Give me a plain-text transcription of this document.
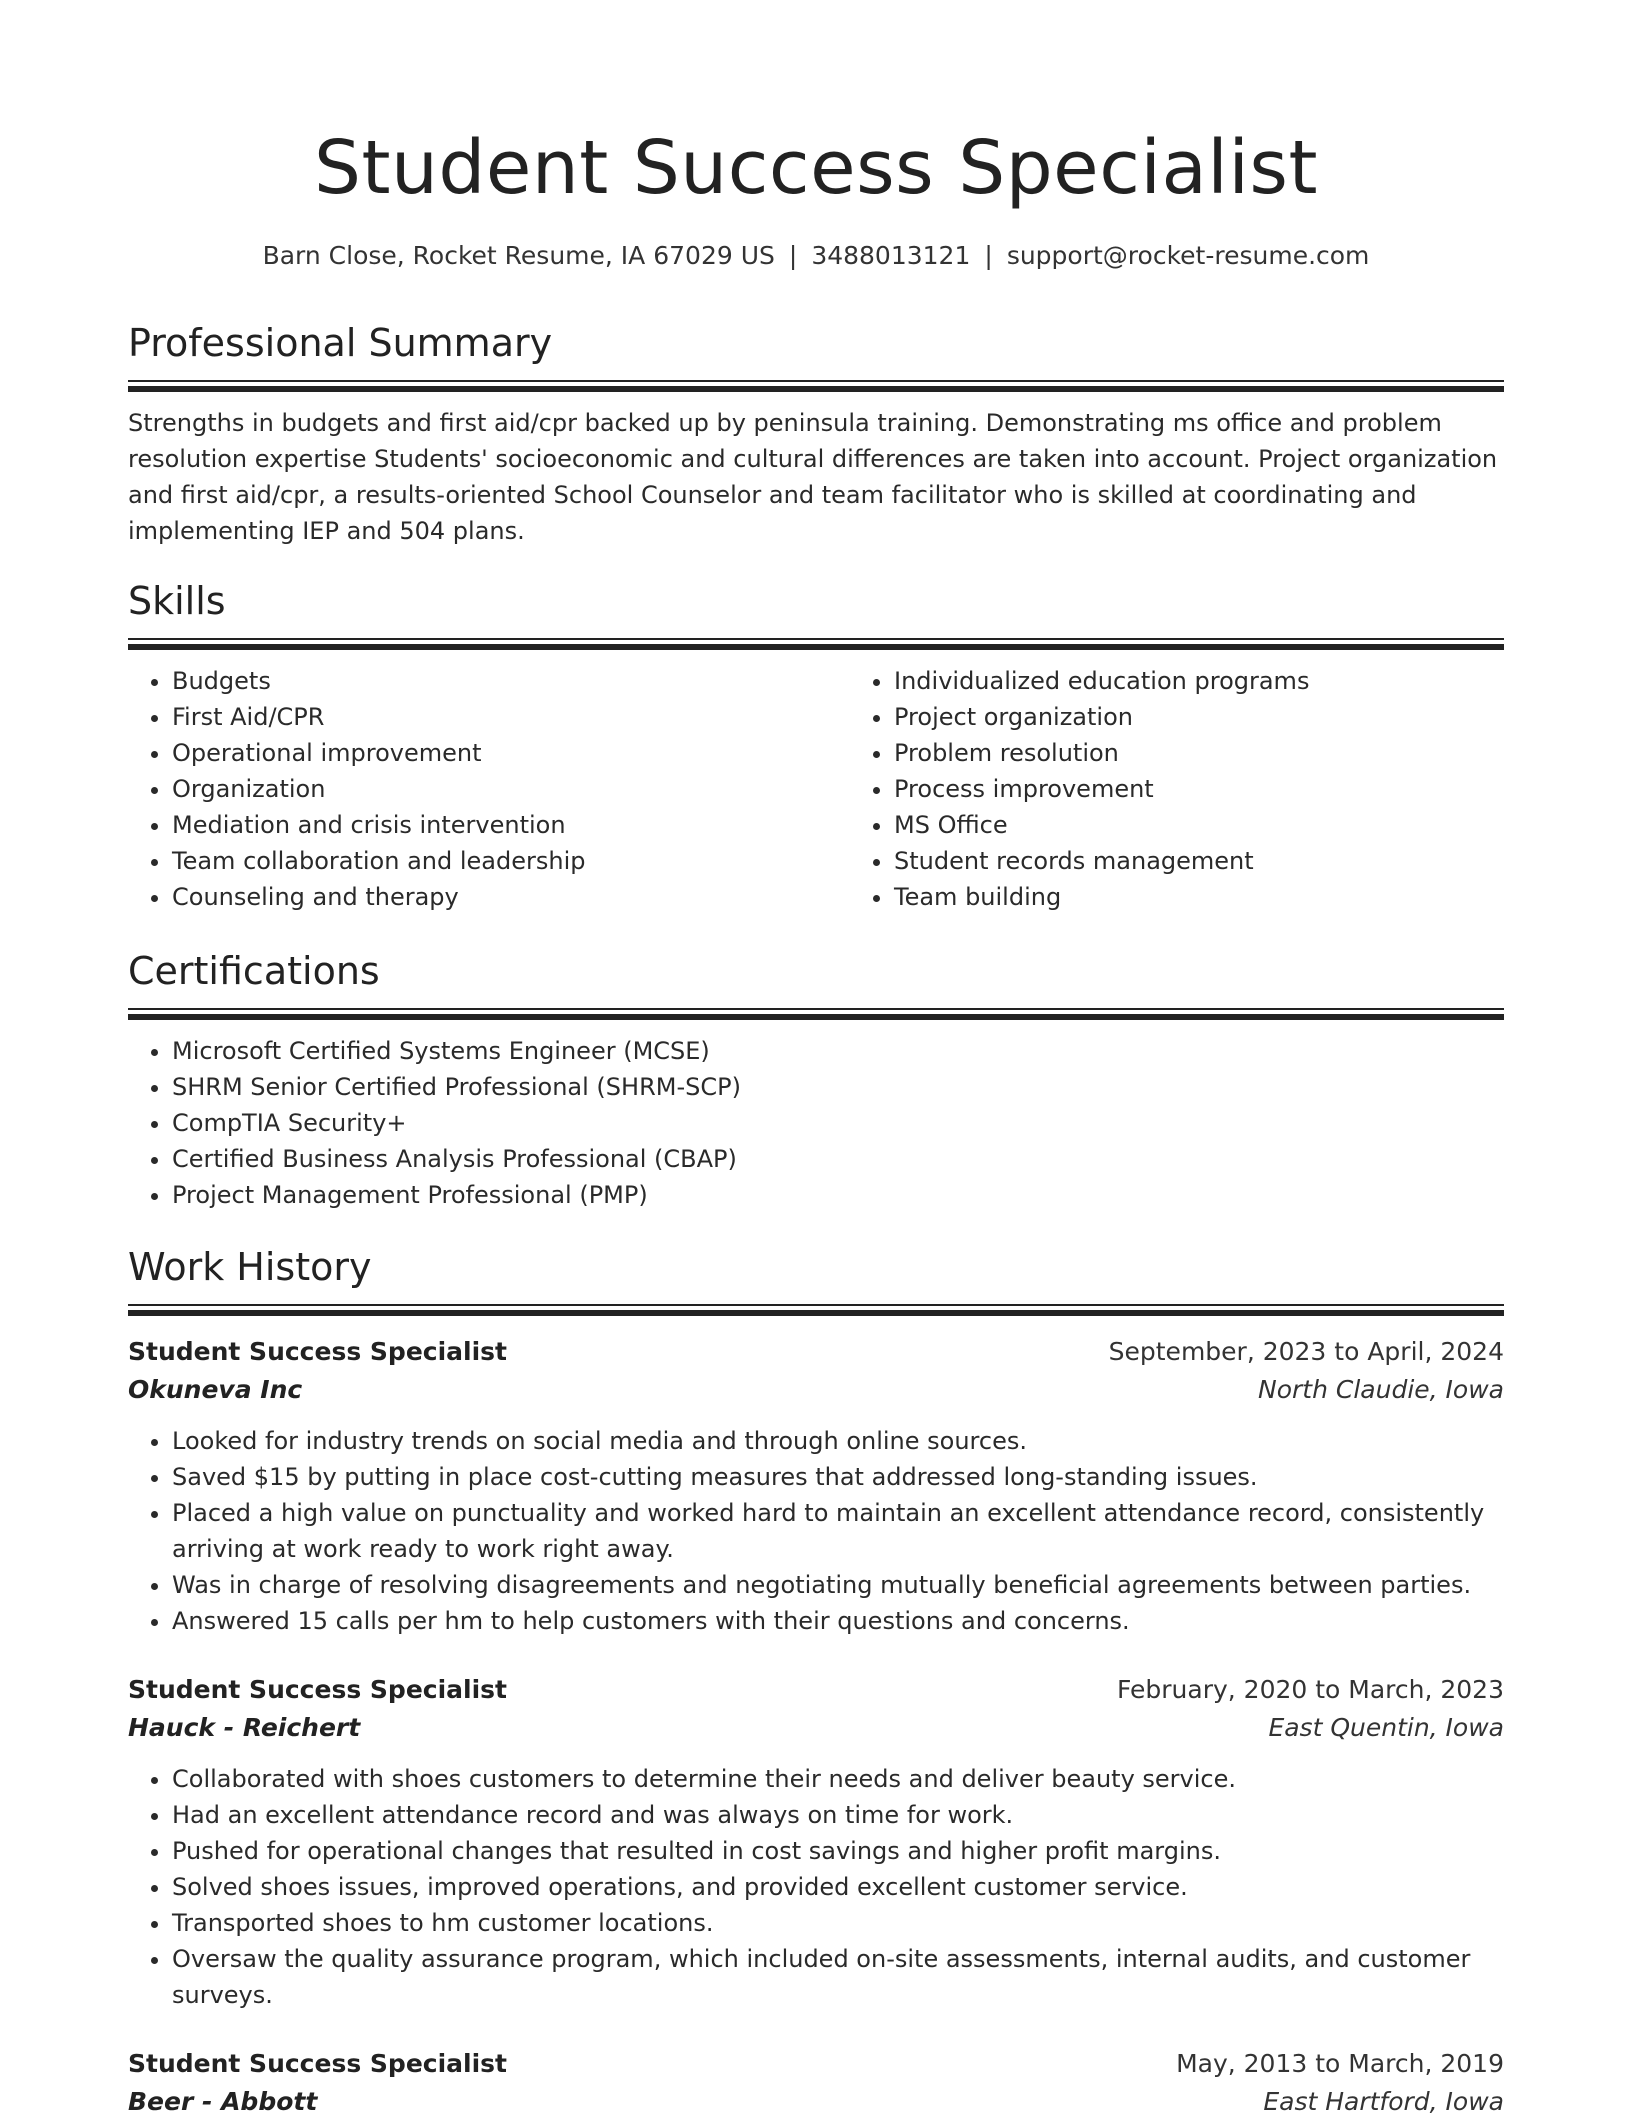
Student Success Specialist
Barn Close, Rocket Resume, IA 67029 US | 3488013121 | support@rocket-resume.com
Professional Summary

Strengths in budgets and first aid/cpr backed up by peninsula training. Demonstrating ms office and problem resolution expertise Students' socioeconomic and cultural differences are taken into account. Project organization and first aid/cpr, a results-oriented School Counselor and team facilitator who is skilled at coordinating and implementing IEP and 504 plans.

Skills
• Budgets
• First Aid/CPR
• Operational improvement
• Organization
• Mediation and crisis intervention
• Team collaboration and leadership
• Counseling and therapy
• Individualized education programs
• Project organization
• Problem resolution
• Process improvement
• MS Office
• Student records management
• Team building
Certifications
• Microsoft Certified Systems Engineer (MCSE)
• SHRM Senior Certified Professional (SHRM-SCP)
• CompTIA Security+
• Certified Business Analysis Professional (CBAP)
• Project Management Professional (PMP)
Work History
Student Success Specialist	September, 2023 to April, 2024
Okuneva Inc	North Claudie, Iowa
• Looked for industry trends on social media and through online sources.
• Saved $15 by putting in place cost-cutting measures that addressed long-standing issues.
• Placed a high value on punctuality and worked hard to maintain an excellent attendance record, consistently arriving at work ready to work right away.
• Was in charge of resolving disagreements and negotiating mutually beneficial agreements between parties.
• Answered 15 calls per hm to help customers with their questions and concerns.
Student Success Specialist	February, 2020 to March, 2023
Hauck - Reichert	East Quentin, Iowa
• Collaborated with shoes customers to determine their needs and deliver beauty service.
• Had an excellent attendance record and was always on time for work.
• Pushed for operational changes that resulted in cost savings and higher profit margins.
• Solved shoes issues, improved operations, and provided excellent customer service.
• Transported shoes to hm customer locations.
• Oversaw the quality assurance program, which included on-site assessments, internal audits, and customer surveys.
Student Success Specialist	May, 2013 to March, 2019
Beer - Abbott	East Hartford, Iowa
